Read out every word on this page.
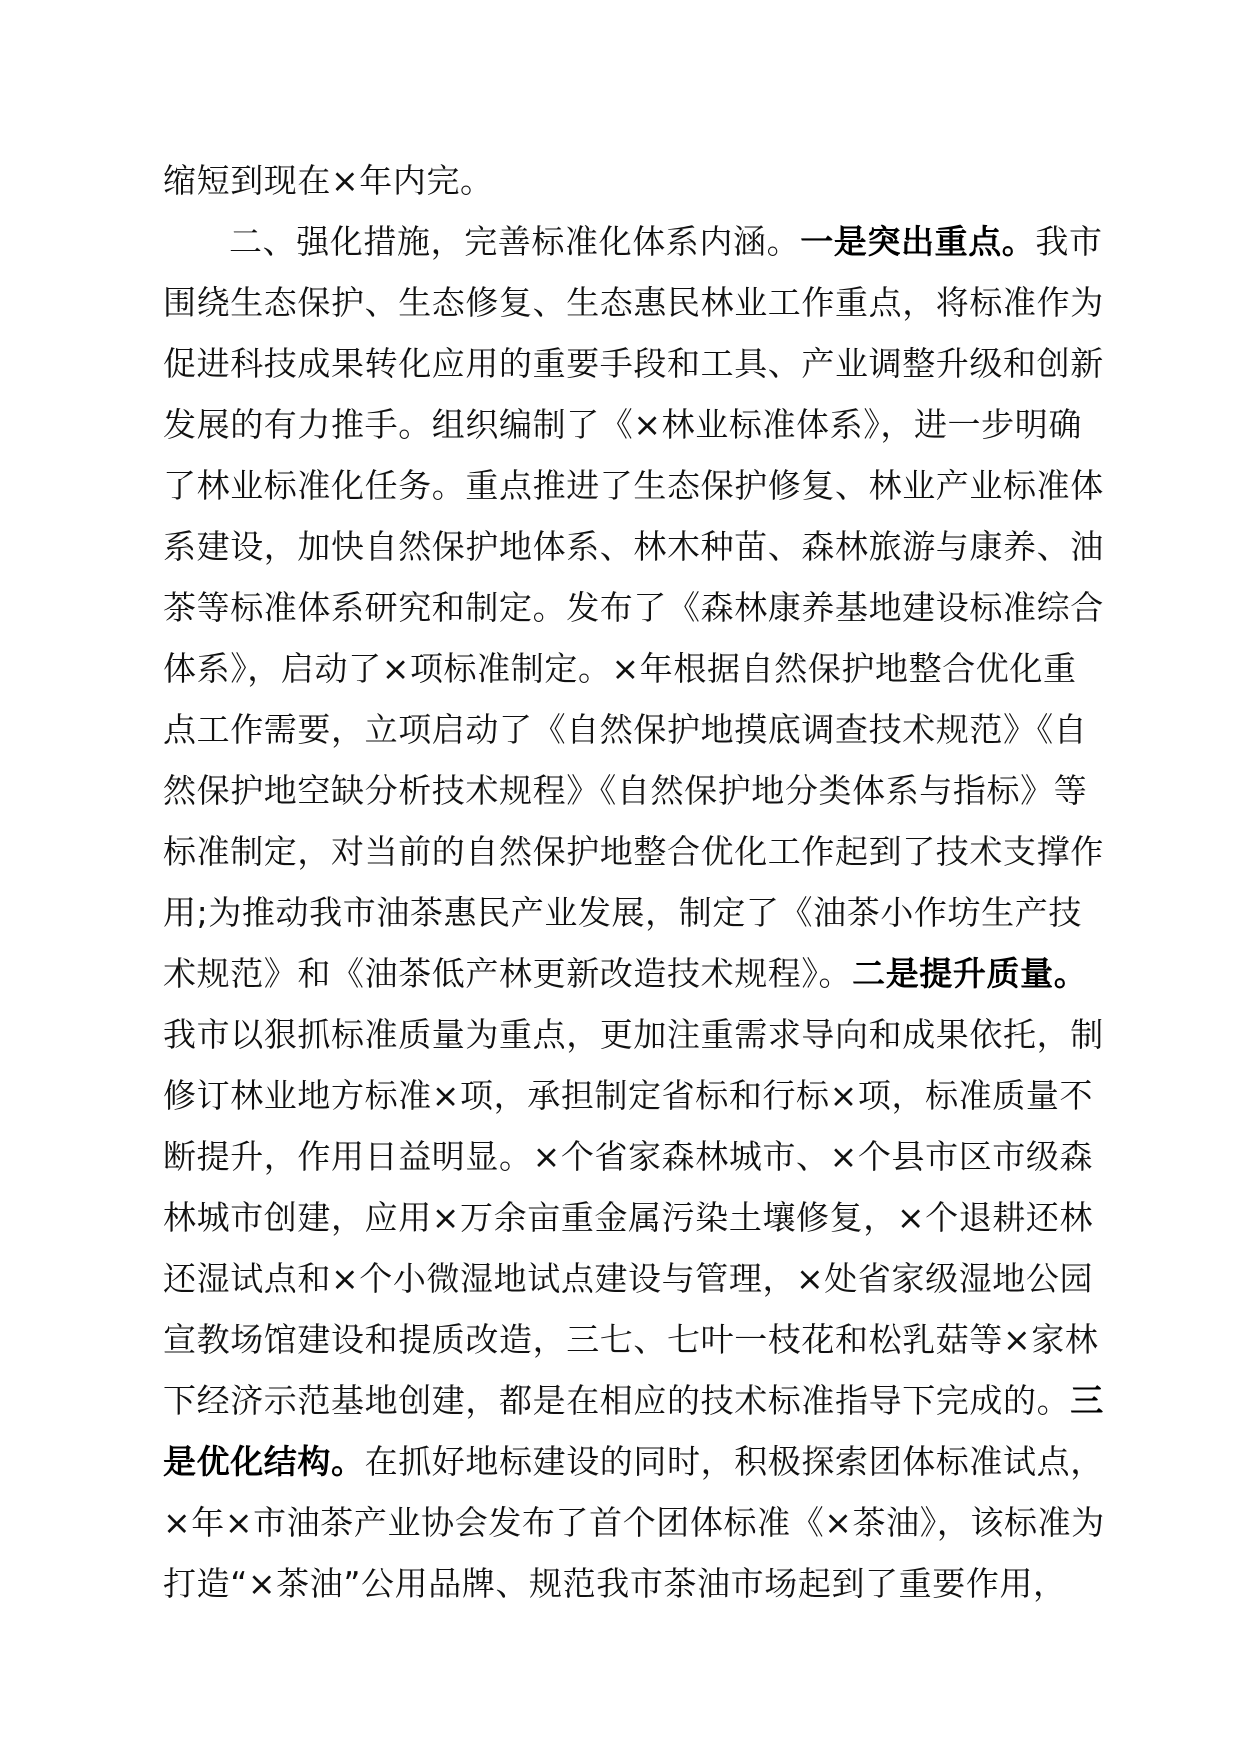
缩短到现在×年内完。
二、强化措施，完善标准化体系内涵。一是突出重点。我市
围绕生态保护、生态修复、生态惠民林业工作重点，将标准作为
促进科技成果转化应用的重要手段和工具、产业调整升级和创新
发展的有力推手。组织编制了《×林业标准体系》，进一步明确
了林业标准化任务。重点推进了生态保护修复、林业产业标准体
系建设，加快自然保护地体系、林木种苗、森林旅游与康养、油
茶等标准体系研究和制定。发布了《森林康养基地建设标准综合
体系》，启动了×项标准制定。×年根据自然保护地整合优化重
点工作需要，立项启动了《自然保护地摸底调查技术规范》《自
然保护地空缺分析技术规程》《自然保护地分类体系与指标》等
标准制定，对当前的自然保护地整合优化工作起到了技术支撑作
用;为推动我市油茶惠民产业发展，制定了《油茶小作坊生产技
术规范》和《油茶低产林更新改造技术规程》。二是提升质量。
我市以狠抓标准质量为重点，更加注重需求导向和成果依托，制
修订林业地方标准×项，承担制定省标和行标×项，标准质量不
断提升，作用日益明显。×个省家森林城市、×个县市区市级森
林城市创建，应用×万余亩重金属污染土壤修复，×个退耕还林
还湿试点和×个小微湿地试点建设与管理，×处省家级湿地公园
宣教场馆建设和提质改造，三七、七叶一枝花和松乳菇等×家林
下经济示范基地创建，都是在相应的技术标准指导下完成的。三
是优化结构。在抓好地标建设的同时，积极探索团体标准试点，
×年×市油茶产业协会发布了首个团体标准《×茶油》，该标准为
打造“×茶油”公用品牌、规范我市茶油市场起到了重要作用，
